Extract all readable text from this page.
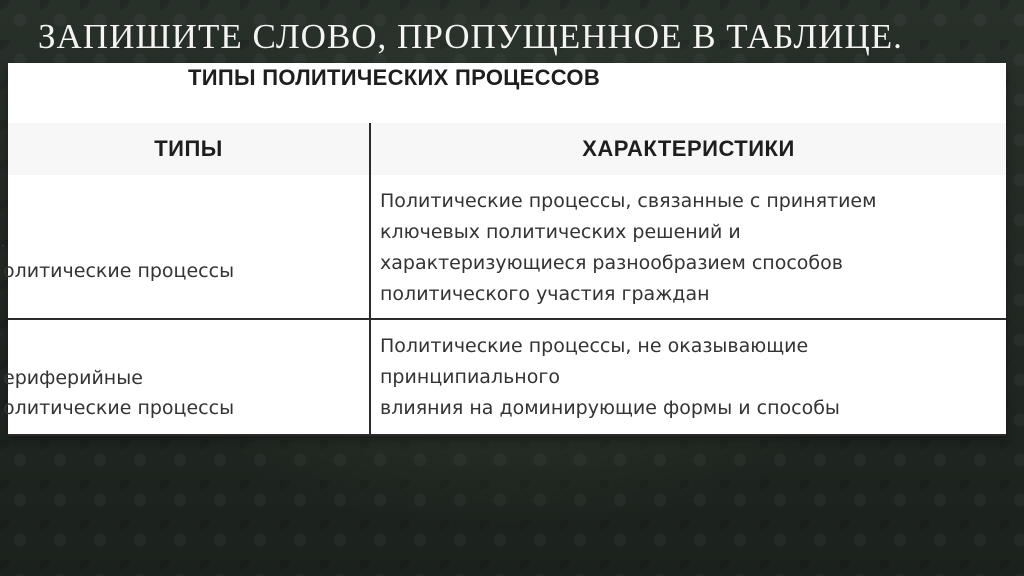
ЗАПИШИТЕ СЛОВО, ПРОПУЩЕННОЕ В ТАБЛИЦЕ.
ТИПЫ ПОЛИТИЧЕСКИХ ПРОЦЕССОВ
ТИПЫ	ХАРАКТЕРИСТИКИ
.
олитические процессы
Политические процессы, связанные с принятием
ключевых политических решений и
характеризующиеся разнообразием способов
политического участия граждан
ериферийные
олитические процессы
Политические процессы, не оказывающие
принципиального
влияния на доминирующие формы и способы
